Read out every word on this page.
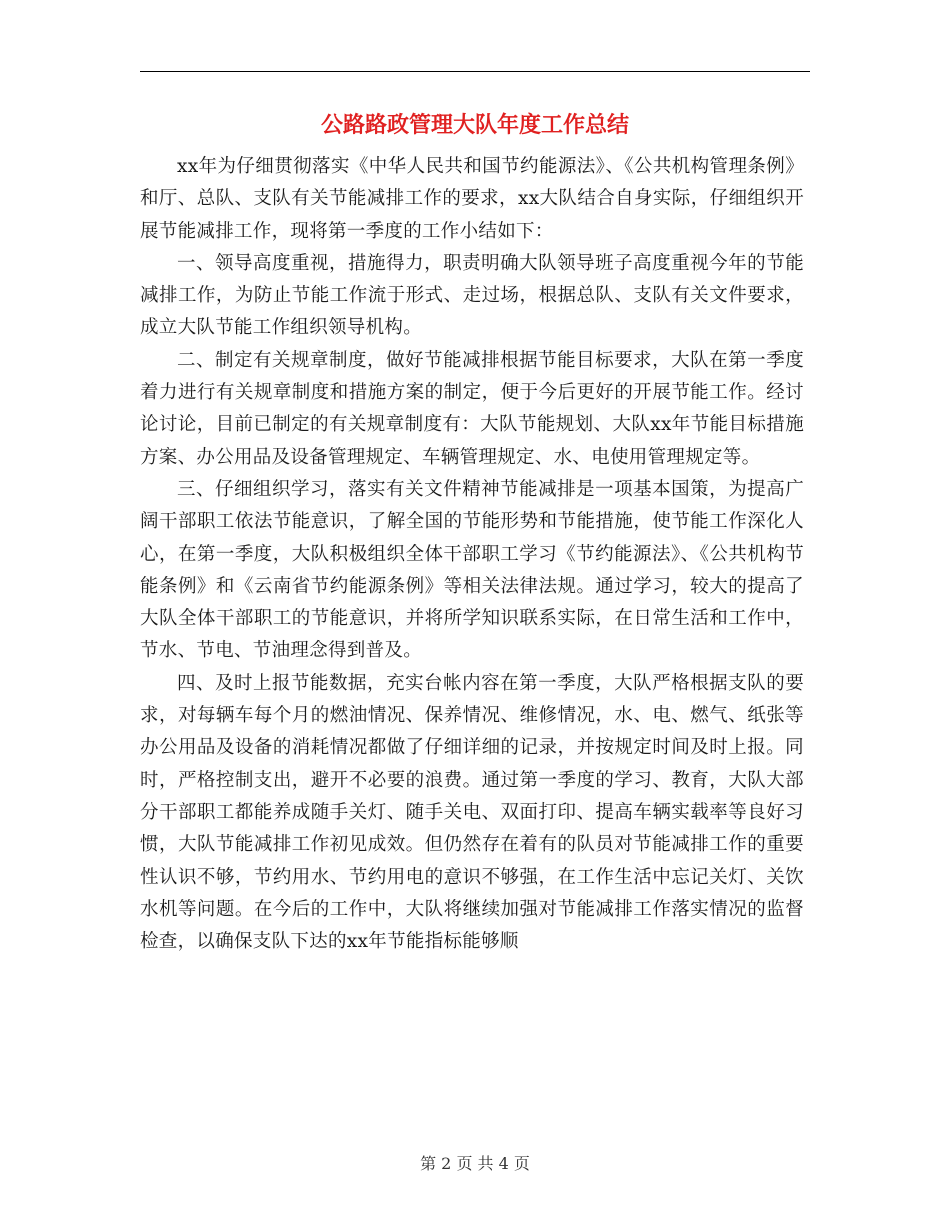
公路路政管理大队年度工作总结

xx年为仔细贯彻落实《中华人民共和国节约能源法》、《公共机构管理条例》和厅、总队、支队有关节能减排工作的要求，xx大队结合自身实际，仔细组织开展节能减排工作，现将第一季度的工作小结如下：

一、领导高度重视，措施得力，职责明确大队领导班子高度重视今年的节能减排工作，为防止节能工作流于形式、走过场，根据总队、支队有关文件要求，成立大队节能工作组织领导机构。

二、制定有关规章制度，做好节能减排根据节能目标要求，大队在第一季度着力进行有关规章制度和措施方案的制定，便于今后更好的开展节能工作。经讨论讨论，目前已制定的有关规章制度有：大队节能规划、大队xx年节能目标措施方案、办公用品及设备管理规定、车辆管理规定、水、电使用管理规定等。

三、仔细组织学习，落实有关文件精神节能减排是一项基本国策，为提高广阔干部职工依法节能意识，了解全国的节能形势和节能措施，使节能工作深化人心，在第一季度，大队积极组织全体干部职工学习《节约能源法》、《公共机构节能条例》和《云南省节约能源条例》等相关法律法规。通过学习，较大的提高了大队全体干部职工的节能意识，并将所学知识联系实际，在日常生活和工作中，节水、节电、节油理念得到普及。

四、及时上报节能数据，充实台帐内容在第一季度，大队严格根据支队的要求，对每辆车每个月的燃油情况、保养情况、维修情况，水、电、燃气、纸张等办公用品及设备的消耗情况都做了仔细详细的记录，并按规定时间及时上报。同时，严格控制支出，避开不必要的浪费。通过第一季度的学习、教育，大队大部分干部职工都能养成随手关灯、随手关电、双面打印、提高车辆实载率等良好习惯，大队节能减排工作初见成效。但仍然存在着有的队员对节能减排工作的重要性认识不够，节约用水、节约用电的意识不够强，在工作生活中忘记关灯、关饮水机等问题。在今后的工作中，大队将继续加强对节能减排工作落实情况的监督检查，以确保支队下达的xx年节能指标能够顺

第 2 页 共 4 页
